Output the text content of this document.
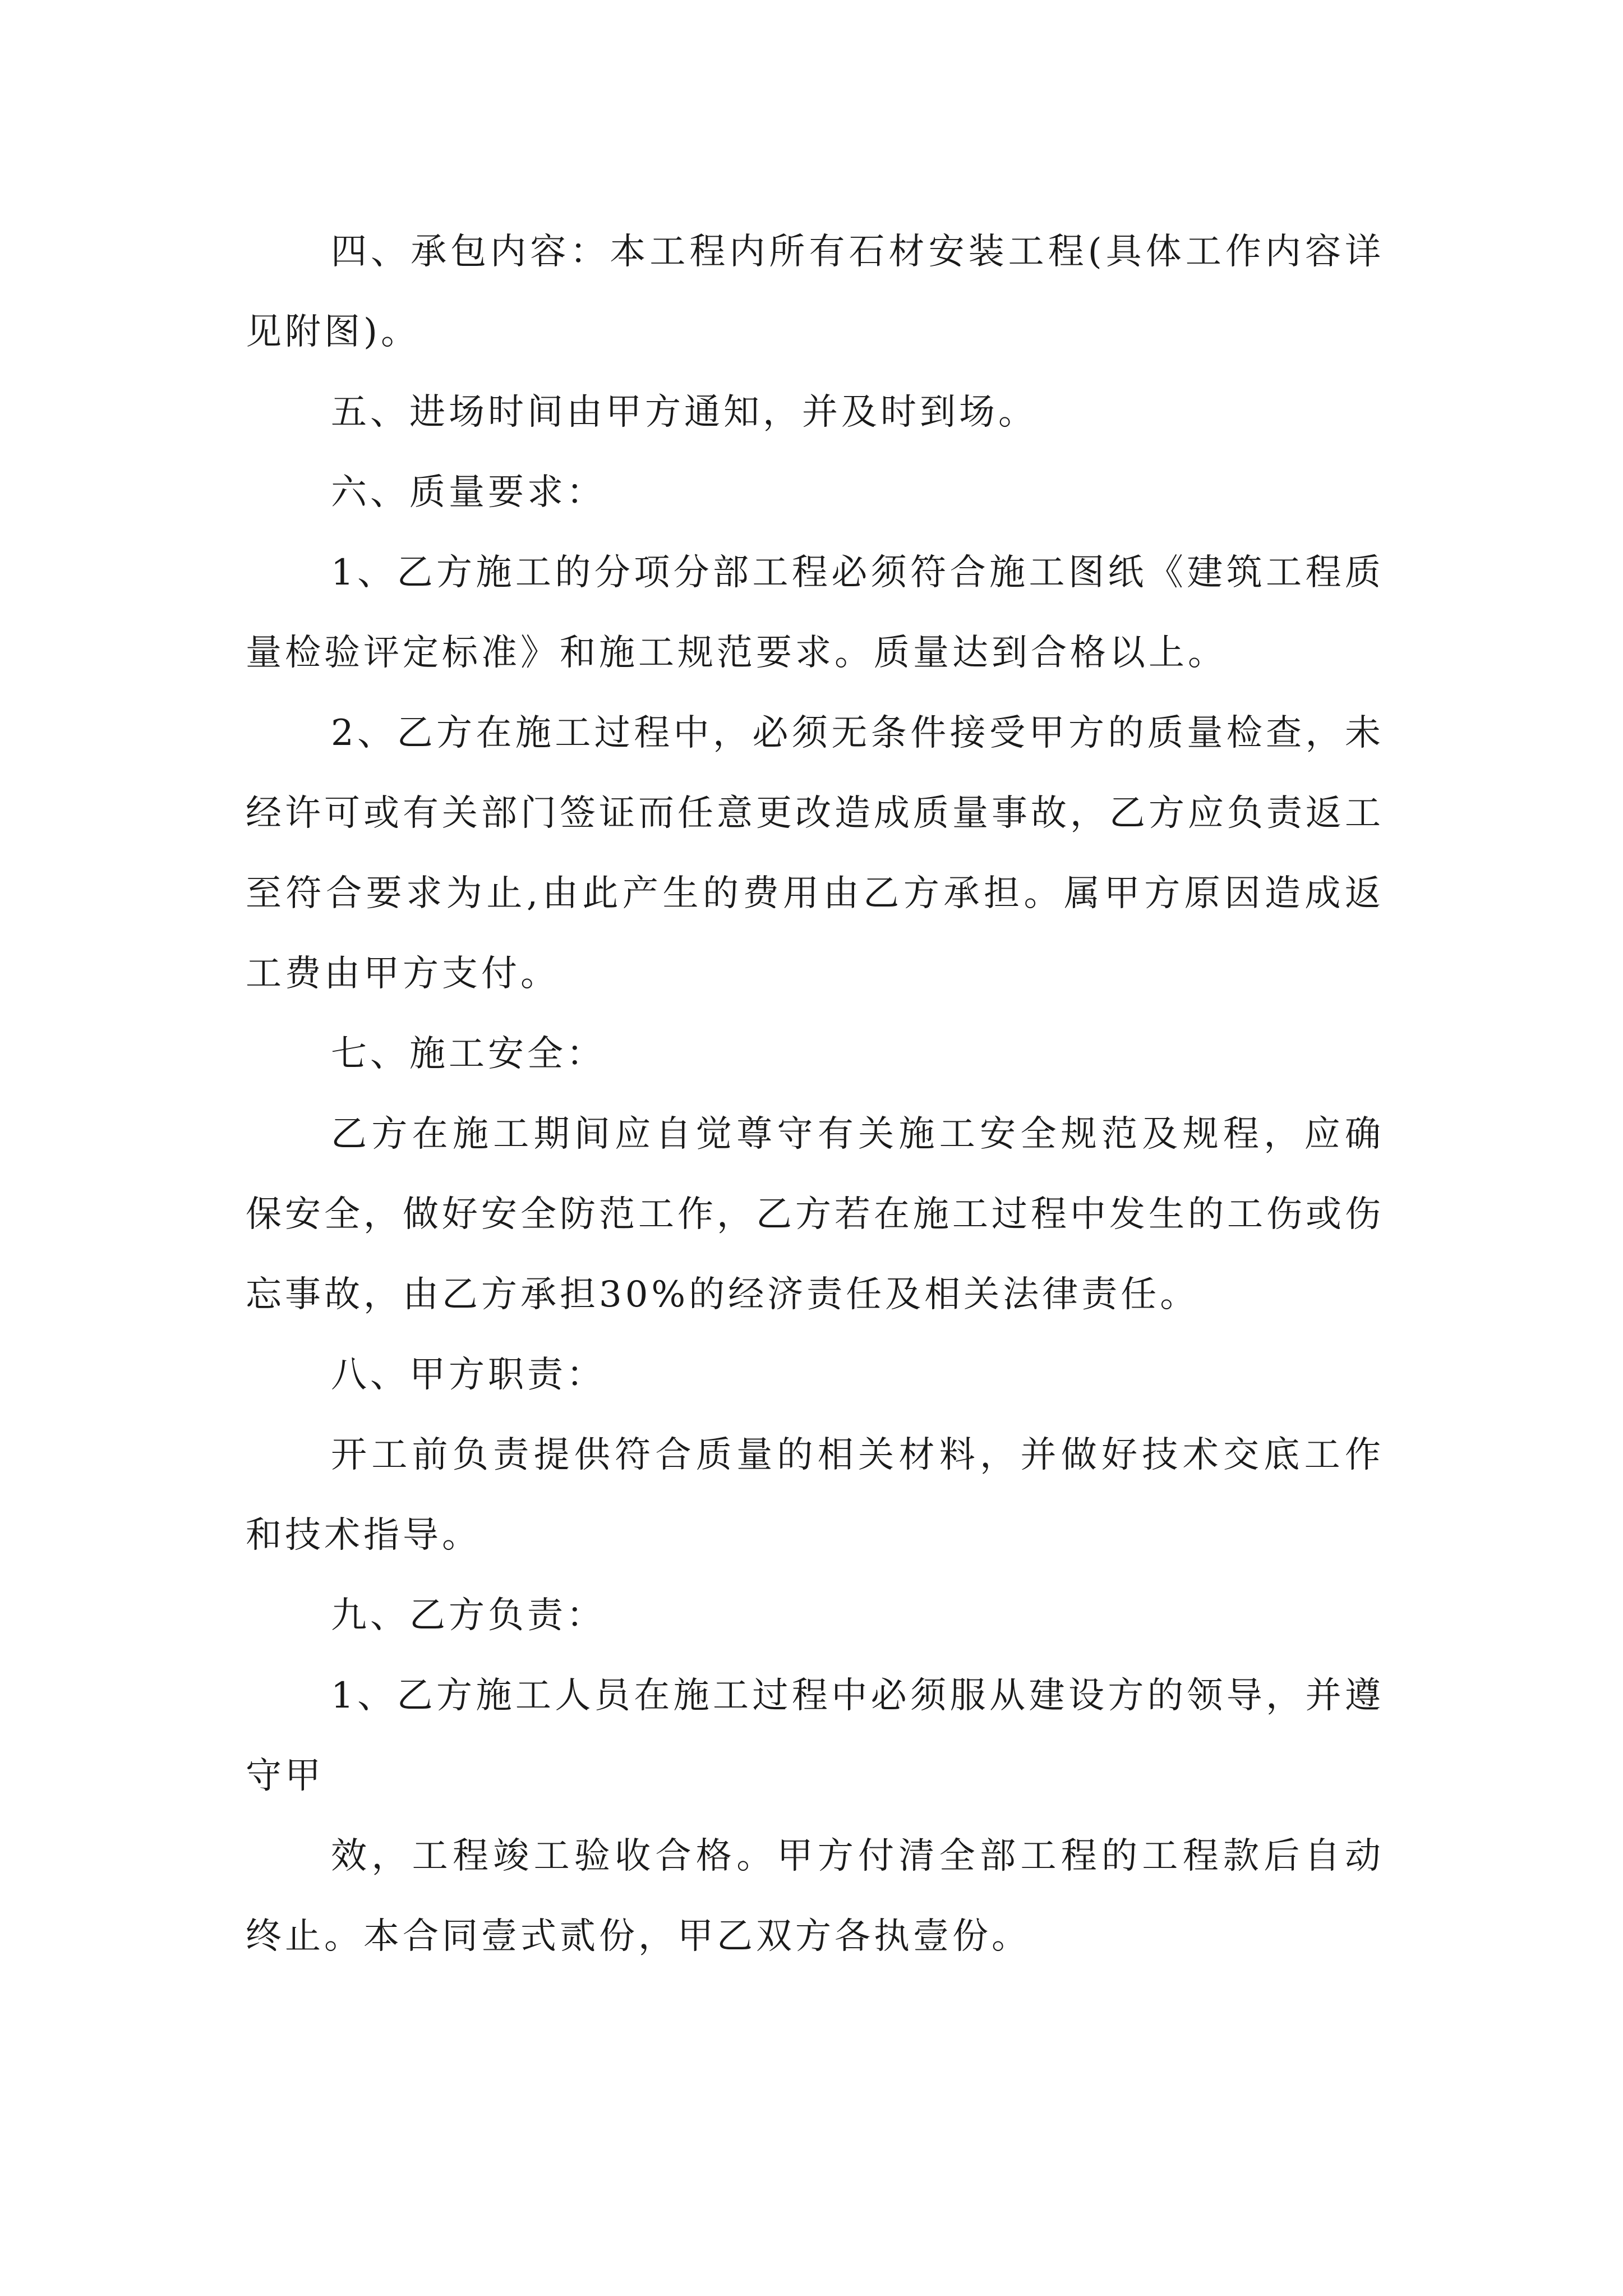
四、承包内容：本工程内所有石材安装工程(具体工作内容详见附图)。

五、进场时间由甲方通知，并及时到场。

六、质量要求：

1、乙方施工的分项分部工程必须符合施工图纸《建筑工程质量检验评定标准》和施工规范要求。质量达到合格以上。

2、乙方在施工过程中，必须无条件接受甲方的质量检查，未经许可或有关部门签证而任意更改造成质量事故，乙方应负责返工至符合要求为止,由此产生的费用由乙方承担。属甲方原因造成返工费由甲方支付。

七、施工安全：

乙方在施工期间应自觉尊守有关施工安全规范及规程，应确保安全，做好安全防范工作，乙方若在施工过程中发生的工伤或伤忘事故，由乙方承担30%的经济责任及相关法律责任。

八、甲方职责：

开工前负责提供符合质量的相关材料，并做好技术交底工作和技术指导。

九、乙方负责：

1、乙方施工人员在施工过程中必须服从建设方的领导，并遵守甲

效，工程竣工验收合格。甲方付清全部工程的工程款后自动终止。本合同壹式贰份，甲乙双方各执壹份。
